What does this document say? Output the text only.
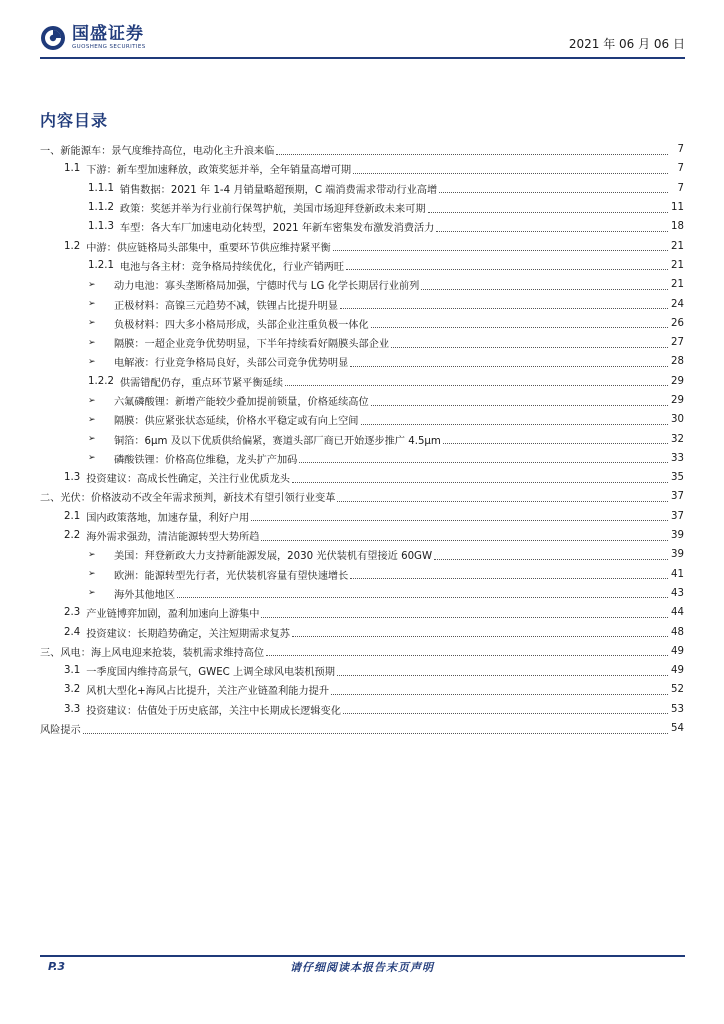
国盛证券
GUOSHENG SECURITIES	2021 年 06 月 06 日
内容目录
一、新能源车：景气度维持高位，电动化主升浪来临	7
1.1 下游：新车型加速释放，政策奖惩并举，全年销量高增可期	7
1.1.1 销售数据：2021 年 1-4 月销量略超预期，C 端消费需求带动行业高增	7
1.1.2 政策：奖惩并举为行业前行保驾护航，美国市场迎拜登新政未来可期	11
1.1.3 车型：各大车厂加速电动化转型，2021 年新车密集发布激发消费活力	18
1.2 中游：供应链格局头部集中，重要环节供应维持紧平衡	21
1.2.1 电池与各主材：竞争格局持续优化，行业产销两旺	21
➢	动力电池：寡头垄断格局加强，宁德时代与 LG 化学长期居行业前列	21
➢	正极材料：高镍三元趋势不减，铁锂占比提升明显	24
➢	负极材料：四大多小格局形成，头部企业注重负极一体化	26
➢	隔膜：一超企业竞争优势明显，下半年持续看好隔膜头部企业	27
➢	电解液：行业竞争格局良好，头部公司竞争优势明显	28
1.2.2 供需错配仍存，重点环节紧平衡延续	29
➢	六氟磷酸锂：新增产能较少叠加提前锁量，价格延续高位	29
➢	隔膜：供应紧张状态延续，价格水平稳定或有向上空间	30
➢	铜箔：6μm 及以下优质供给偏紧，赛道头部厂商已开始逐步推广 4.5μm	32
➢	磷酸铁锂：价格高位维稳，龙头扩产加码	33
1.3 投资建议：高成长性确定，关注行业优质龙头	35
二、光伏：价格波动不改全年需求预判，新技术有望引领行业变革	37
2.1 国内政策落地，加速存量，利好户用	37
2.2 海外需求强劲，清洁能源转型大势所趋	39
➢	美国：拜登新政大力支持新能源发展，2030 光伏装机有望接近 60GW	39
➢	欧洲：能源转型先行者，光伏装机容量有望快速增长	41
➢	海外其他地区	43
2.3 产业链博弈加剧，盈利加速向上游集中	44
2.4 投资建议：长期趋势确定，关注短期需求复苏	48
三、风电：海上风电迎来抢装，装机需求维持高位	49
3.1 一季度国内维持高景气，GWEC 上调全球风电装机预期	49
3.2 风机大型化+海风占比提升，关注产业链盈利能力提升	52
3.3 投资建议：估值处于历史底部，关注中长期成长逻辑变化	53
风险提示	54
请仔细阅读本报告末页声明
P.3
